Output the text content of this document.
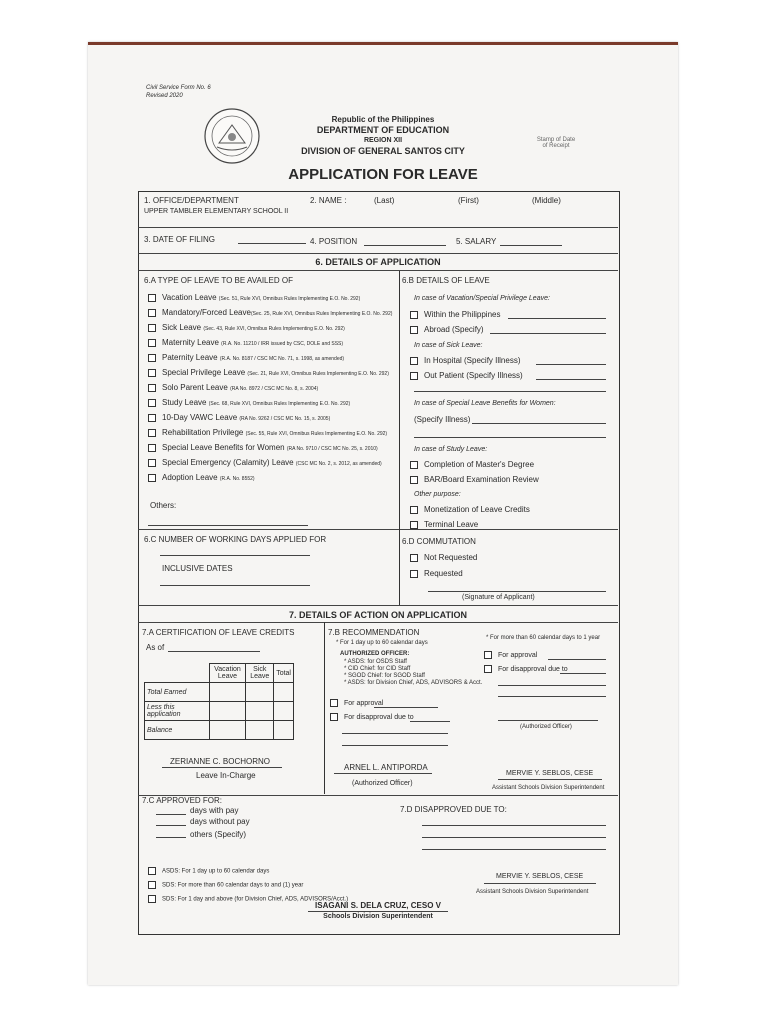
Civil Service Form No. 6
Revised 2020
Republic of the Philippines
DEPARTMENT OF EDUCATION
REGION XII
DIVISION OF GENERAL SANTOS CITY
Stamp of Date of Receipt
APPLICATION FOR LEAVE
1. OFFICE/DEPARTMENT
UPPER TAMBLER ELEMENTARY SCHOOL II
2. NAME :	(Last)	(First)	(Middle)
3. DATE OF FILING	4. POSITION	5. SALARY
6. DETAILS OF APPLICATION
6.A TYPE OF LEAVE TO BE AVAILED OF
Vacation Leave (Sec. 51, Rule XVI, Omnibus Rules Implementing E.O. No. 292)
Mandatory/Forced Leave(Sec. 25, Rule XVI, Omnibus Rules Implementing E.O. No. 292)
Sick Leave (Sec. 43, Rule XVI, Omnibus Rules Implementing E.O. No. 292)
Maternity Leave (R.A. No. 11210 / IRR issued by CSC, DOLE and SSS)
Paternity Leave (R.A. No. 8187 / CSC MC No. 71, s. 1998, as amended)
Special Privilege Leave (Sec. 21, Rule XVI, Omnibus Rules Implementing E.O. No. 292)
Solo Parent Leave (RA No. 8972 / CSC MC No. 8, s. 2004)
Study Leave (Sec. 68, Rule XVI, Omnibus Rules Implementing E.O. No. 292)
10-Day VAWC Leave (RA No. 9262 / CSC MC No. 15, s. 2005)
Rehabilitation Privilege (Sec. 55, Rule XVI, Omnibus Rules Implementing E.O. No. 292)
Special Leave Benefits for Women (RA No. 9710 / CSC MC No. 25, s. 2010)
Special Emergency (Calamity) Leave (CSC MC No. 2, s. 2012, as amended)
Adoption Leave (R.A. No. 8552)
Others:
6.B DETAILS OF LEAVE
In case of Vacation/Special Privilege Leave:
Within the Philippines
Abroad (Specify)
In case of Sick Leave:
In Hospital (Specify Illness)
Out Patient (Specify Illness)
In case of Special Leave Benefits for Women:
(Specify Illness)
In case of Study Leave:
Completion of Master's Degree
BAR/Board Examination Review
Other purpose:
Monetization of Leave Credits
Terminal Leave
6.C NUMBER OF WORKING DAYS APPLIED FOR
INCLUSIVE DATES
6.D COMMUTATION
Not Requested
Requested
(Signature of Applicant)
7. DETAILS OF ACTION ON APPLICATION
7.A CERTIFICATION OF LEAVE CREDITS
As of
	Vacation Leave	Sick Leave	Total
Total Earned			
Less this application			
Balance			
ZERIANNE C. BOCHORNO
Leave In-Charge
7.B RECOMMENDATION
* For 1 day up to 60 calendar days
* For more than 60 calendar days to 1 year
AUTHORIZED OFFICER:
* ASDS: for OSDS Staff
* CID Chief: for CID Staff
* SGOD Chief: for SGOD Staff
* ASDS: for Division Chief, ADS, ADVISORS & Acct.
For approval
For disapproval due to
For approval
For disapproval due to
(Authorized Officer)
ARNEL L. ANTIPORDA
(Authorized Officer)
MERVIE Y. SEBLOS, CESE
Assistant Schools Division Superintendent
7.C APPROVED FOR:
days with pay
days without pay
others (Specify)
7.D DISAPPROVED DUE TO:
ASDS: For 1 day up to 60 calendar days
SDS: For more than 60 calendar days to and (1) year
SDS: For 1 day and above (for Division Chief, ADS, ADVISORS/Acct.)
MERVIE Y. SEBLOS, CESE
Assistant Schools Division Superintendent
ISAGANI S. DELA CRUZ, CESO V
Schools Division Superintendent
